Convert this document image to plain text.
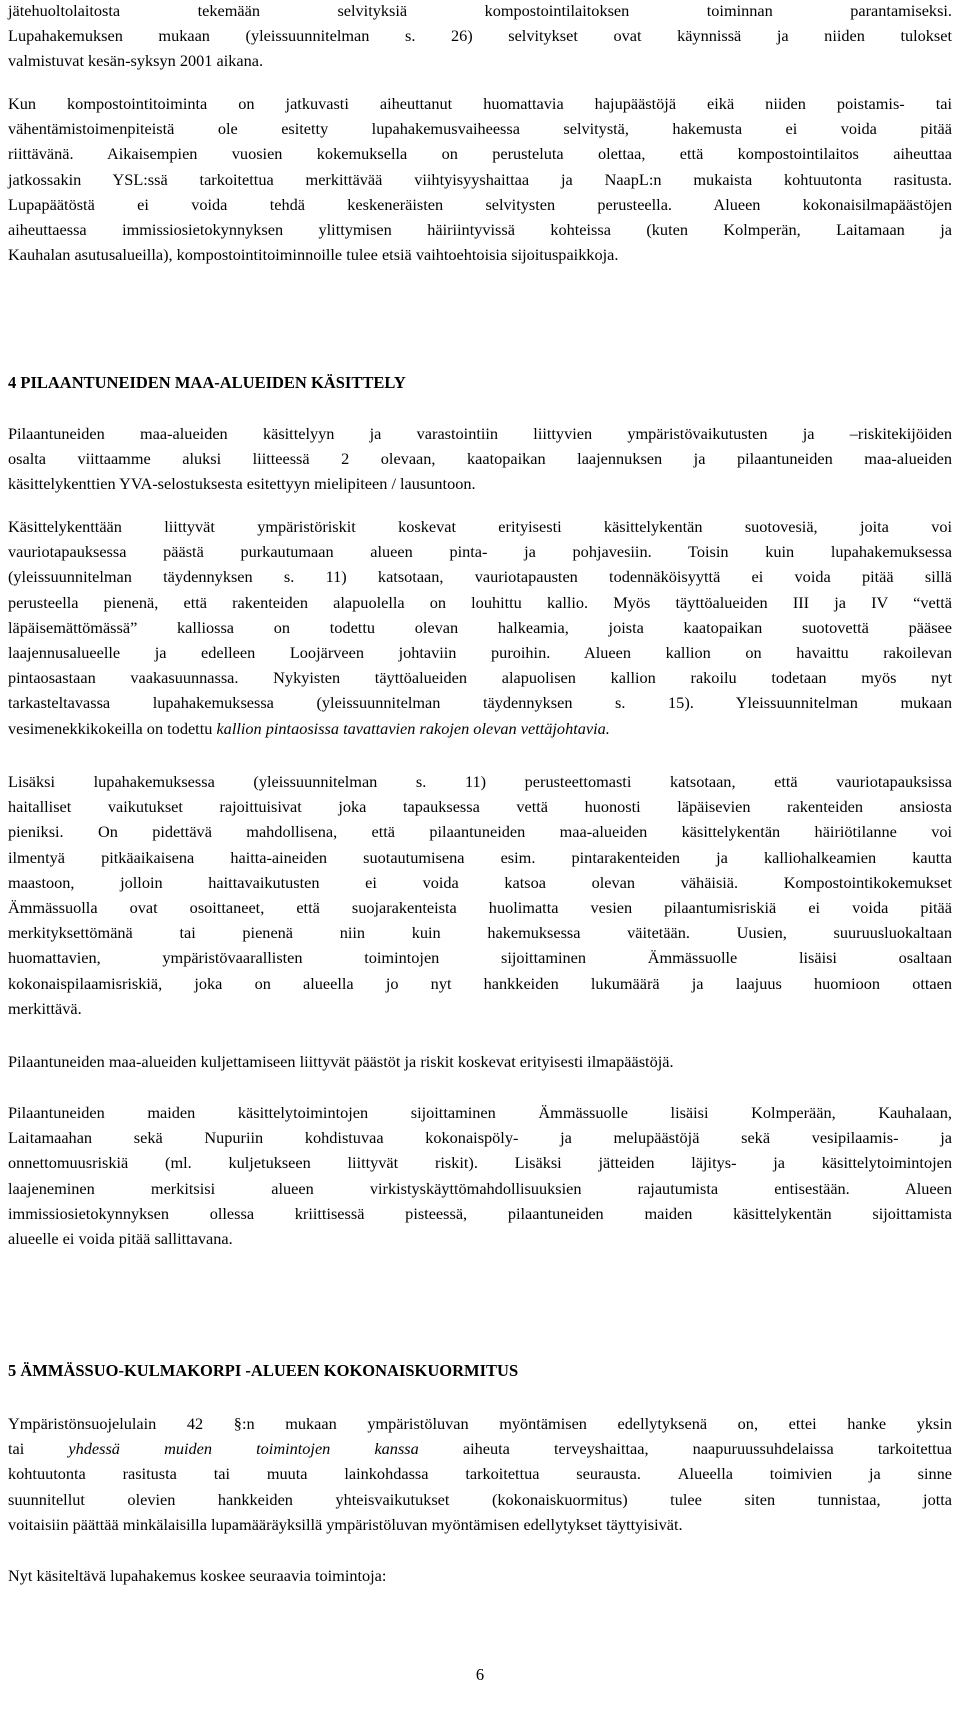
jätehuoltolaitosta tekemään selvityksiä kompostointilaitoksen toiminnan parantamiseksi.
Lupahakemuksen mukaan (yleissuunnitelman s. 26) selvitykset ovat käynnissä ja niiden tulokset
valmistuvat kesän-syksyn 2001 aikana.
Kun kompostointitoiminta on jatkuvasti aiheuttanut huomattavia hajupäästöjä eikä niiden poistamis- tai
vähentämistoimenpiteistä ole esitetty lupahakemusvaiheessa selvitystä, hakemusta ei voida pitää
riittävänä. Aikaisempien vuosien kokemuksella on perusteluta olettaa, että kompostointilaitos aiheuttaa
jatkossakin YSL:ssä tarkoitettua merkittävää viihtyisyyshaittaa ja NaapL:n mukaista kohtuutonta rasitusta.
Lupapäätöstä ei voida tehdä keskeneräisten selvitysten perusteella. Alueen kokonaisilmapäästöjen
aiheuttaessa immissiosietokynnyksen ylittymisen häiriintyvissä kohteissa (kuten Kolmperän, Laitamaan ja
Kauhalan asutusalueilla), kompostointitoiminnoille tulee etsiä vaihtoehtoisia sijoituspaikkoja.
4 PILAANTUNEIDEN MAA-ALUEIDEN KÄSITTELY
Pilaantuneiden maa-alueiden käsittelyyn ja varastointiin liittyvien ympäristövaikutusten ja –riskitekijöiden
osalta viittaamme aluksi liitteessä 2 olevaan, kaatopaikan laajennuksen ja pilaantuneiden maa-alueiden
käsittelykenttien YVA-selostuksesta esitettyyn mielipiteen / lausuntoon.
Käsittelykenttään liittyvät ympäristöriskit koskevat erityisesti käsittelykentän suotovesiä, joita voi
vauriotapauksessa päästä purkautumaan alueen pinta- ja pohjavesiin. Toisin kuin lupahakemuksessa
(yleissuunnitelman täydennyksen s. 11) katsotaan, vauriotapausten todennäköisyyttä ei voida pitää sillä
perusteella pienenä, että rakenteiden alapuolella on louhittu kallio. Myös täyttöalueiden III ja IV “vettä
läpäisemättömässä” kalliossa on todettu olevan halkeamia, joista kaatopaikan suotovettä pääsee
laajennusalueelle ja edelleen Loojärveen johtaviin puroihin. Alueen kallion on havaittu rakoilevan
pintaosastaan vaakasuunnassa. Nykyisten täyttöalueiden alapuolisen kallion rakoilu todetaan myös nyt
tarkasteltavassa lupahakemuksessa (yleissuunnitelman täydennyksen s. 15). Yleissuunnitelman mukaan
vesimenekkikokeilla on todettu kallion pintaosissa tavattavien rakojen olevan vettäjohtavia.
Lisäksi lupahakemuksessa (yleissuunnitelman s. 11) perusteettomasti katsotaan, että vauriotapauksissa
haitalliset vaikutukset rajoittuisivat joka tapauksessa vettä huonosti läpäisevien rakenteiden ansiosta
pieniksi. On pidettävä mahdollisena, että pilaantuneiden maa-alueiden käsittelykentän häiriötilanne voi
ilmentyä pitkäaikaisena haitta-aineiden suotautumisena esim. pintarakenteiden ja kalliohalkeamien kautta
maastoon, jolloin haittavaikutusten ei voida katsoa olevan vähäisiä. Kompostointikokemukset
Ämmässuolla ovat osoittaneet, että suojarakenteista huolimatta vesien pilaantumisriskiä ei voida pitää
merkityksettömänä tai pienenä niin kuin hakemuksessa väitetään. Uusien, suuruusluokaltaan
huomattavien, ympäristövaarallisten toimintojen sijoittaminen Ämmässuolle lisäisi osaltaan
kokonaispilaamisriskiä, joka on alueella jo nyt hankkeiden lukumäärä ja laajuus huomioon ottaen
merkittävä.
Pilaantuneiden maa-alueiden kuljettamiseen liittyvät päästöt ja riskit koskevat erityisesti ilmapäästöjä.
Pilaantuneiden maiden käsittelytoimintojen sijoittaminen Ämmässuolle lisäisi Kolmperään, Kauhalaan,
Laitamaahan sekä Nupuriin kohdistuvaa kokonaispöly- ja melupäästöjä sekä vesipilaamis- ja
onnettomuusriskiä (ml. kuljetukseen liittyvät riskit). Lisäksi jätteiden läjitys- ja käsittelytoimintojen
laajeneminen merkitsisi alueen virkistyskäyttömahdollisuuksien rajautumista entisestään. Alueen
immissiosietokynnyksen ollessa kriittisessä pisteessä, pilaantuneiden maiden käsittelykentän sijoittamista
alueelle ei voida pitää sallittavana.
5 ÄMMÄSSUO-KULMAKORPI -ALUEEN KOKONAISKUORMITUS
Ympäristönsuojelulain 42 §:n mukaan ympäristöluvan myöntämisen edellytyksenä on, ettei hanke yksin
tai yhdessä muiden toimintojen kanssa aiheuta terveyshaittaa, naapuruussuhdelaissa tarkoitettua
kohtuutonta rasitusta tai muuta lainkohdassa tarkoitettua seuraustа. Alueella toimivien ja sinne
suunnitellut olevien hankkeiden yhteisvaikutukset (kokonaiskuormitus) tulee siten tunnistaa, jotta
voitaisiin päättää minkälaisilla lupamääräyksillä ympäristöluvan myöntämisen edellytykset täyttyisivät.
Nyt käsiteltävä lupahakemus koskee seuraavia toimintoja:
6
